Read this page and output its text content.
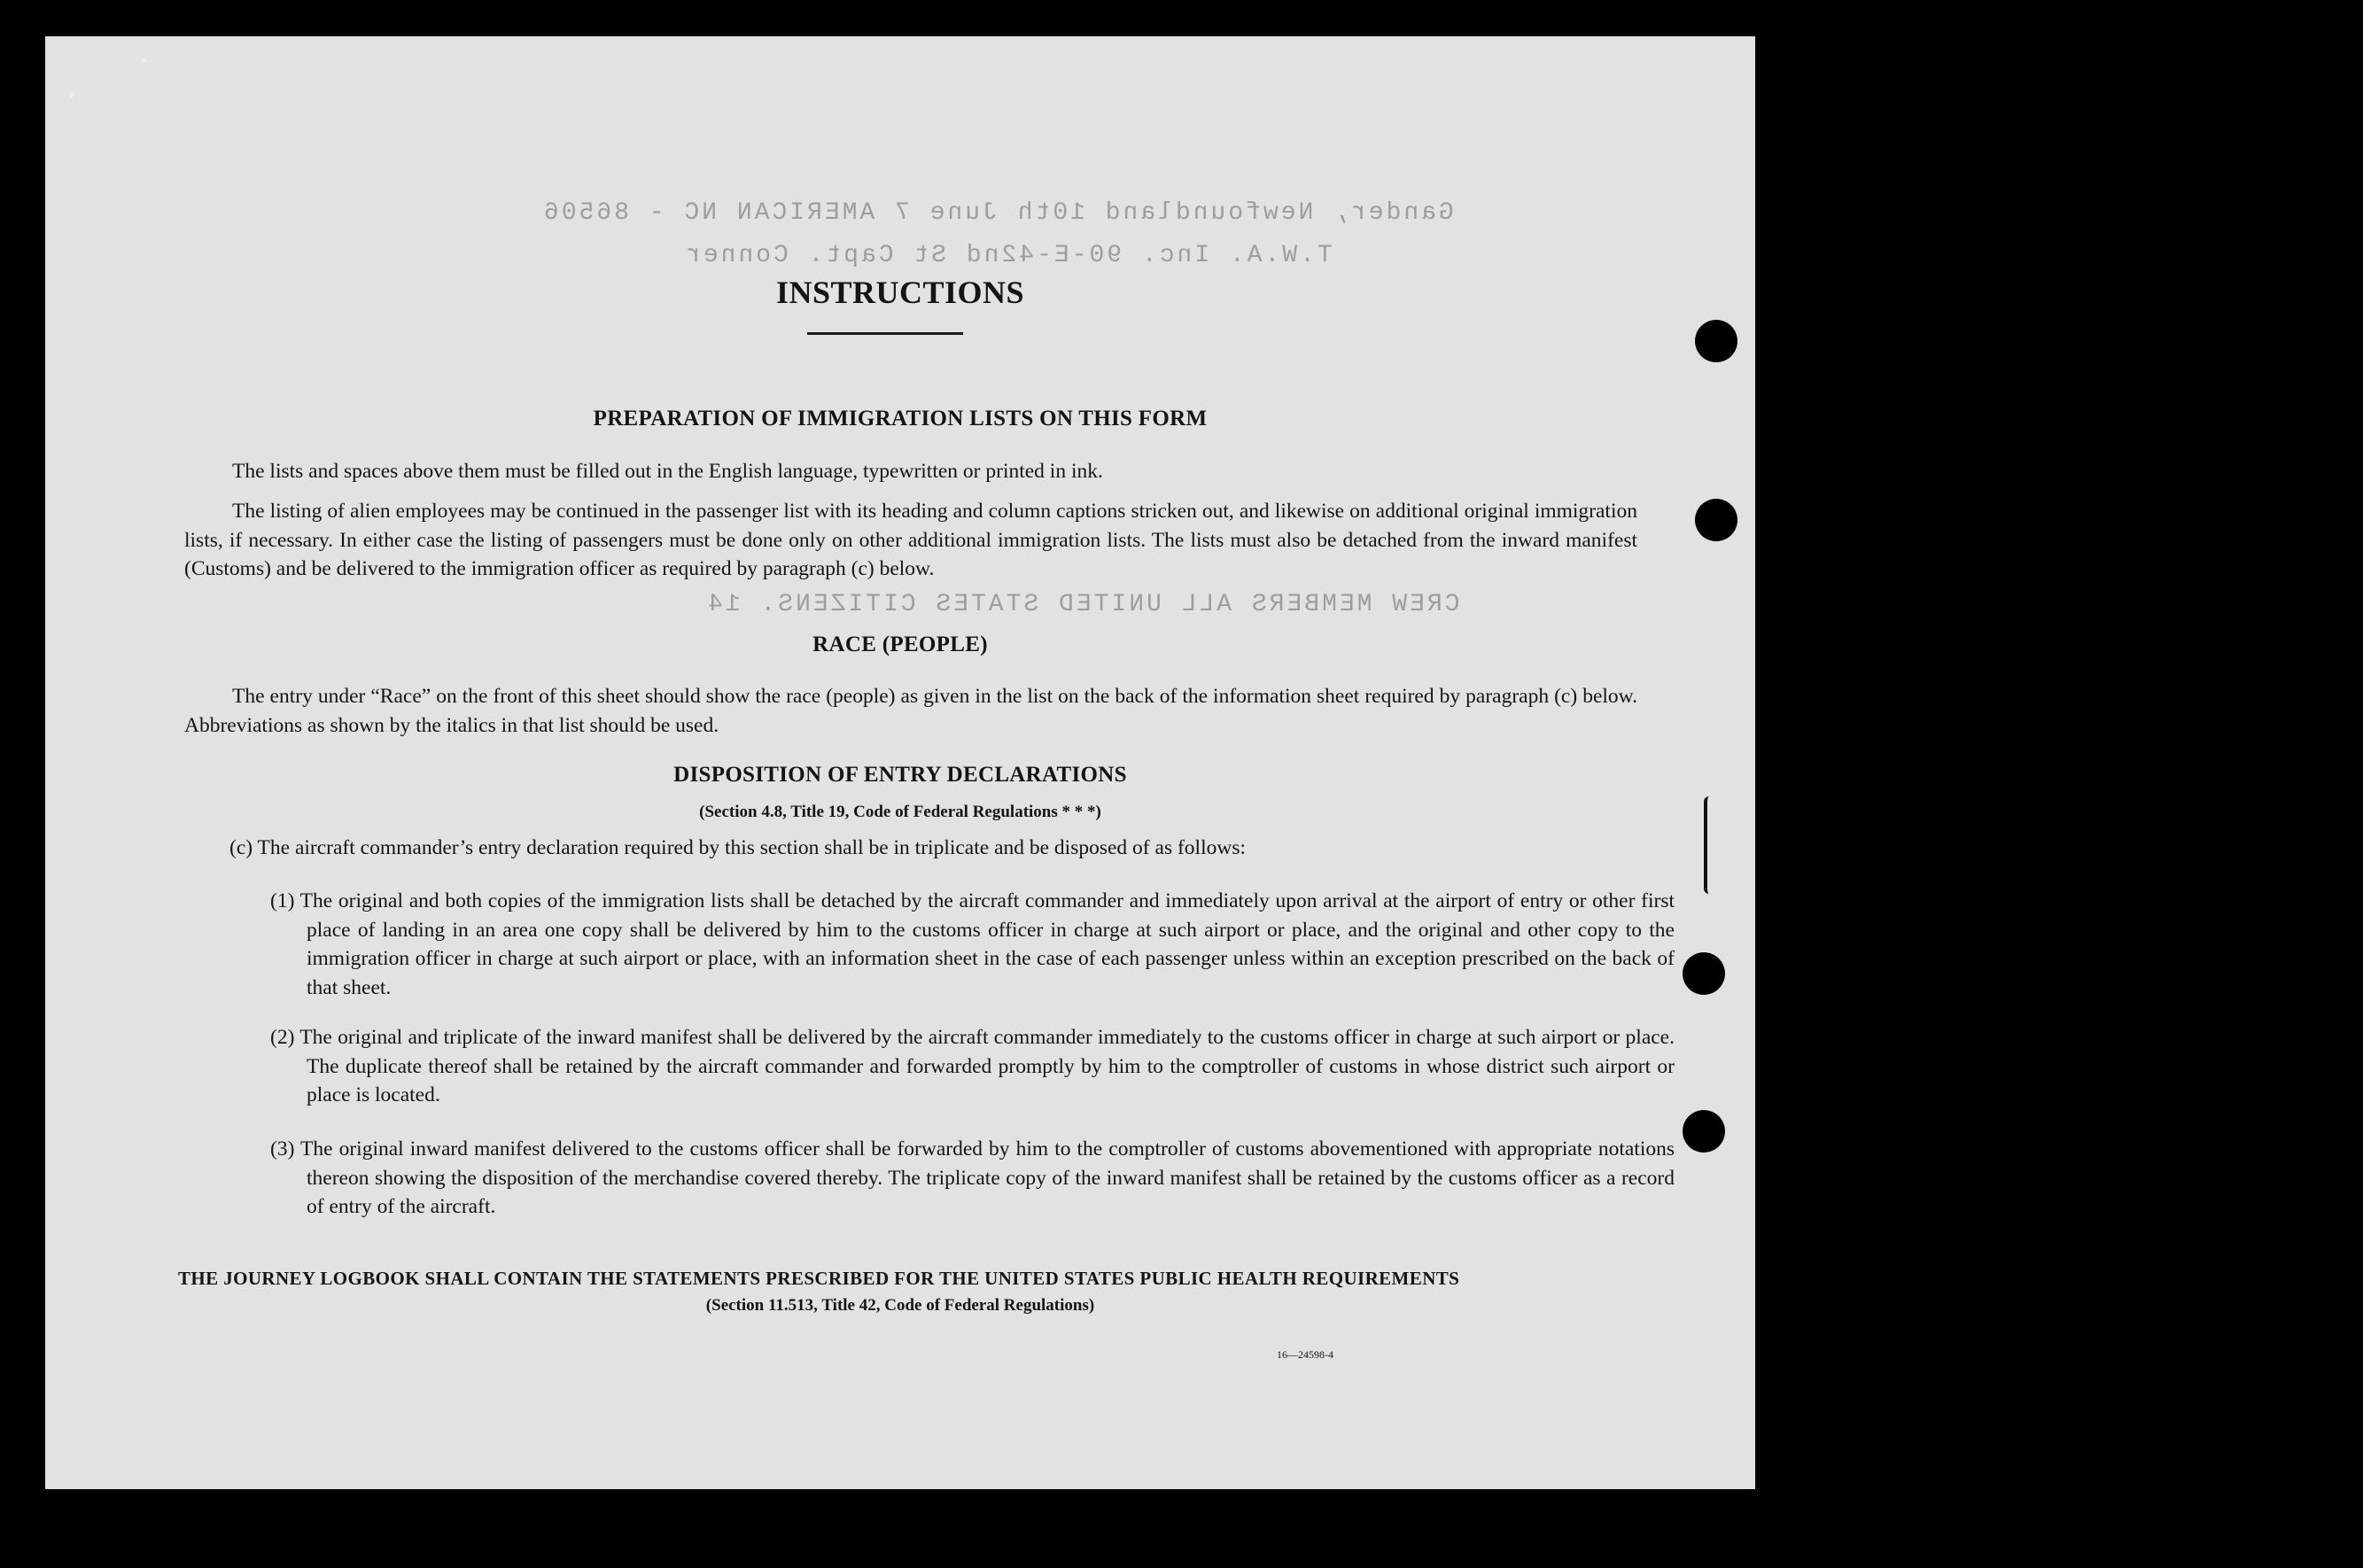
Gander, Newfoundland 10th June 7 AMERICAN NC - 86506

T.W.A. Inc. 90-E-42nd St Capt. Conner

CREW MEMBERS ALL UNITED STATES CITIZENS. 14

INSTRUCTIONS
PREPARATION OF IMMIGRATION LISTS ON THIS FORM

The lists and spaces above them must be filled out in the English language, typewritten or printed in ink.

The listing of alien employees may be continued in the passenger list with its heading and column captions stricken out, and likewise on additional original immigration lists, if necessary. In either case the listing of passengers must be done only on other additional immigration lists. The lists must also be detached from the inward manifest (Customs) and be delivered to the immigration officer as required by paragraph (c) below.

RACE (PEOPLE)

The entry under “Race” on the front of this sheet should show the race (people) as given in the list on the back of the information sheet required by paragraph (c) below. Abbreviations as shown by the italics in that list should be used.

DISPOSITION OF ENTRY DECLARATIONS

(Section 4.8, Title 19, Code of Federal Regulations * * *)

(c) The aircraft commander’s entry declaration required by this section shall be in triplicate and be disposed of as follows:

(1) The original and both copies of the immigration lists shall be detached by the aircraft commander and immediately upon arrival at the airport of entry or other first place of landing in an area one copy shall be delivered by him to the customs officer in charge at such airport or place, and the original and other copy to the immigration officer in charge at such airport or place, with an information sheet in the case of each passenger unless within an exception prescribed on the back of that sheet.

(2) The original and triplicate of the inward manifest shall be delivered by the aircraft commander immediately to the customs officer in charge at such airport or place. The duplicate thereof shall be retained by the aircraft commander and forwarded promptly by him to the comptroller of customs in whose district such airport or place is located.

(3) The original inward manifest delivered to the customs officer shall be forwarded by him to the comptroller of customs abovementioned with appropriate notations thereon showing the disposition of the merchandise covered thereby. The triplicate copy of the inward manifest shall be retained by the customs officer as a record of entry of the aircraft.

THE JOURNEY LOGBOOK SHALL CONTAIN THE STATEMENTS PRESCRIBED FOR THE UNITED STATES PUBLIC HEALTH REQUIREMENTS

(Section 11.513, Title 42, Code of Federal Regulations)

16—24598-4
